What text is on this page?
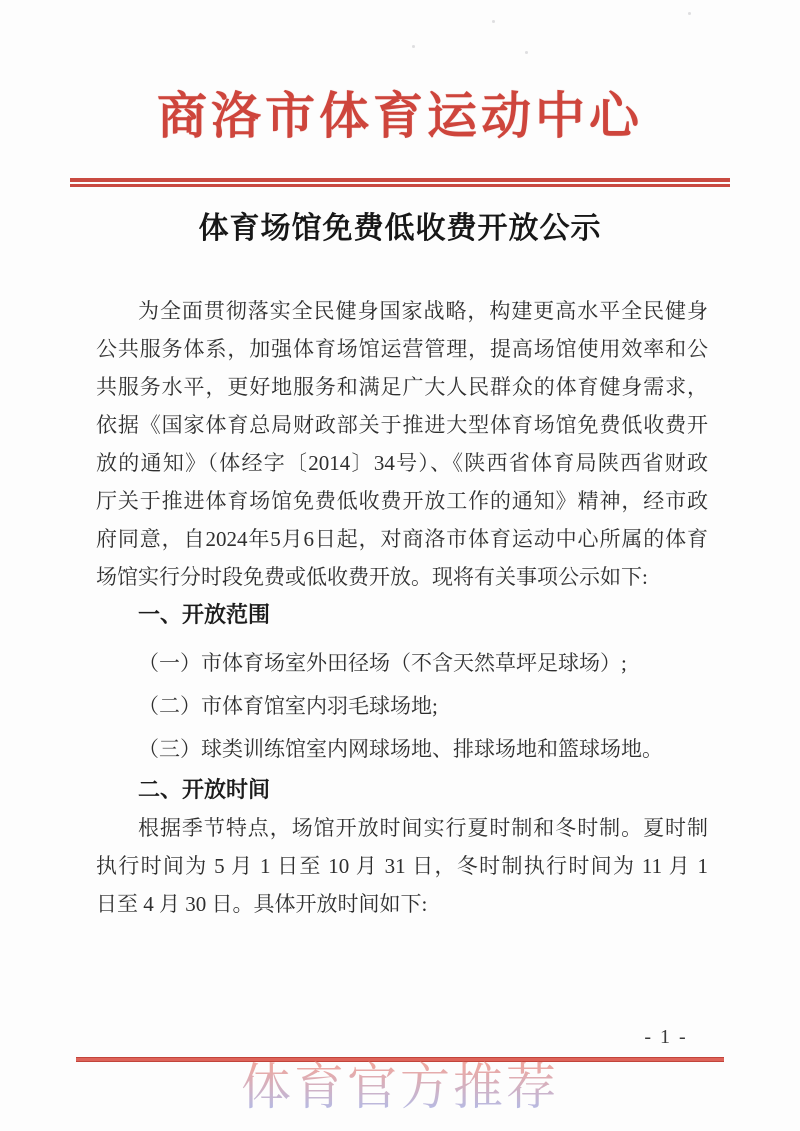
商洛市体育运动中心
体育场馆免费低收费开放公示
为全面贯彻落实全民健身国家战略，构建更高水平全民健身
公共服务体系，加强体育场馆运营管理，提高场馆使用效率和公
共服务水平，更好地服务和满足广大人民群众的体育健身需求，
依据《国家体育总局财政部关于推进大型体育场馆免费低收费开
放的通知》（体经字〔2014〕34号）、《陕西省体育局陕西省财政
厅关于推进体育场馆免费低收费开放工作的通知》精神，经市政
府同意，自2024年5月6日起，对商洛市体育运动中心所属的体育
场馆实行分时段免费或低收费开放。现将有关事项公示如下:
一、开放范围
（一）市体育场室外田径场（不含天然草坪足球场）;
（二）市体育馆室内羽毛球场地;
（三）球类训练馆室内网球场地、排球场地和篮球场地。
二、开放时间
根据季节特点，场馆开放时间实行夏时制和冬时制。夏时制
执行时间为 5 月 1 日至 10 月 31 日，冬时制执行时间为 11 月 1
日至 4 月 30 日。具体开放时间如下:
- 1 -
体育官方推荐
